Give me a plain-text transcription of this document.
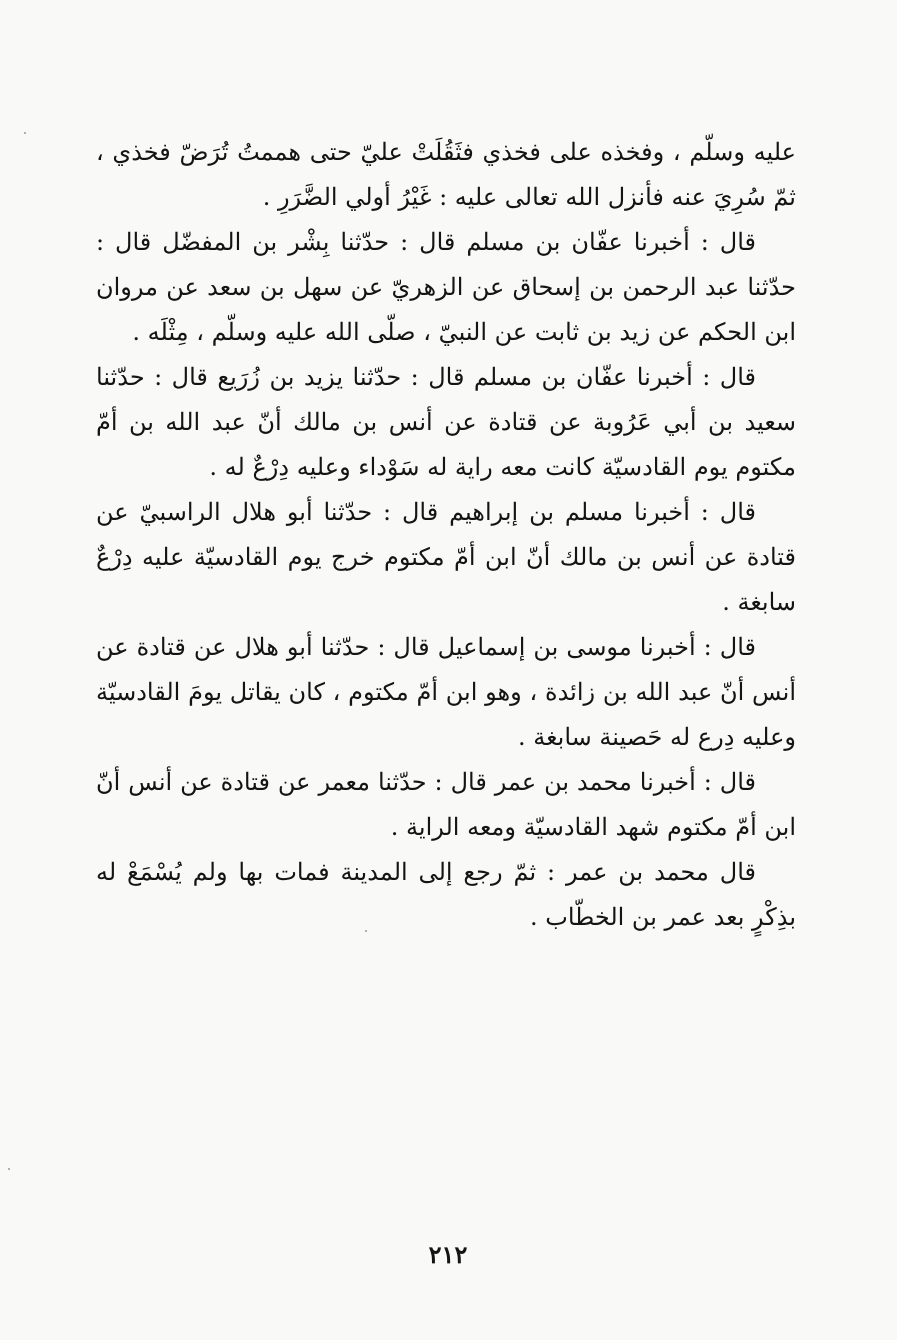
عليه وسلّم ، وفخذه على فخذي فثَقُلَتْ عليّ حتى هممتُ تُرَضّ فخذي ، ثمّ سُرِيَ عنه فأنزل الله تعالى عليه : غَيْرُ أولي الضَّرَرِ .

قال : أخبرنا عفّان بن مسلم قال : حدّثنا بِشْر بن المفضّل قال : حدّثنا عبد الرحمن بن إسحاق عن الزهريّ عن سهل بن سعد عن مروان ابن الحكم عن زيد بن ثابت عن النبيّ ، صلّى الله عليه وسلّم ، مِثْلَه .

قال : أخبرنا عفّان بن مسلم قال : حدّثنا يزيد بن زُرَيع قال : حدّثنا سعيد بن أبي عَرُوبة عن قتادة عن أنس بن مالك أنّ عبد الله بن أمّ مكتوم يوم القادسيّة كانت معه راية له سَوْداء وعليه دِرْعٌ له .

قال : أخبرنا مسلم بن إبراهيم قال : حدّثنا أبو هلال الراسبيّ عن قتادة عن أنس بن مالك أنّ ابن أمّ مكتوم خرج يوم القادسيّة عليه دِرْعٌ سابغة .

قال : أخبرنا موسى بن إسماعيل قال : حدّثنا أبو هلال عن قتادة عن أنس أنّ عبد الله بن زائدة ، وهو ابن أمّ مكتوم ، كان يقاتل يومَ القادسيّة وعليه دِرع له حَصينة سابغة .

قال : أخبرنا محمد بن عمر قال : حدّثنا معمر عن قتادة عن أنس أنّ ابن أمّ مكتوم شهد القادسيّة ومعه الراية .

قال محمد بن عمر : ثمّ رجع إلى المدينة فمات بها ولم يُسْمَعْ له بذِكْرٍ بعد عمر بن الخطّاب .

٢١٢
